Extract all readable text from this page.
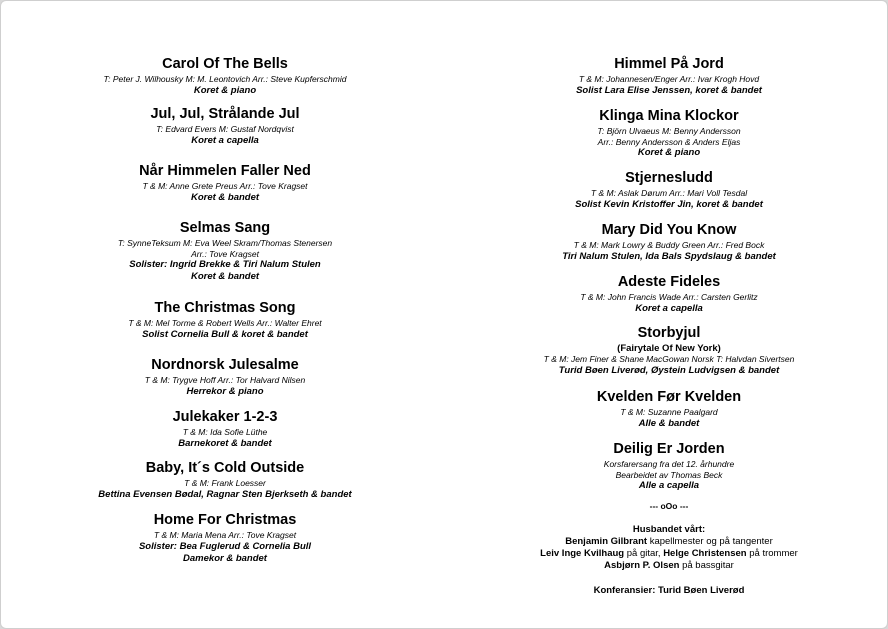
Carol Of The Bells
T: Peter J. Wilhousky M: M. Leontovich Arr.: Steve Kupferschmid
Koret & piano
Jul, Jul, Strålande Jul
T: Edvard Evers M: Gustaf Nordqvist
Koret a capella
Når Himmelen Faller Ned
T & M: Anne Grete Preus Arr.: Tove Kragset
Koret & bandet
Selmas Sang
T: SynneTeksum M: Eva Weel Skram/Thomas Stenersen
Arr.: Tove Kragset
Solister: Ingrid Brekke & Tiri Nalum Stulen
Koret & bandet
The Christmas Song
T & M: Mel Torme & Robert Wells Arr.: Walter Ehret
Solist Cornelia Bull & koret & bandet
Nordnorsk Julesalme
T & M: Trygve Hoff Arr.: Tor Halvard Nilsen
Herrekor & piano
Julekaker 1-2-3
T & M: Ida Sofie Lüthe
Barnekoret & bandet
Baby, It´s Cold Outside
T & M: Frank Loesser
Bettina Evensen Bødal, Ragnar Sten Bjerkseth & bandet
Home For Christmas
T & M: Maria Mena Arr.: Tove Kragset
Solister: Bea Fuglerud & Cornelia Bull
Damekor & bandet
Himmel På Jord
T & M: Johannesen/Enger Arr.: Ivar Krogh Hovd
Solist Lara Elise Jenssen, koret & bandet
Klinga Mina Klockor
T: Björn Ulvaeus M: Benny Andersson
Arr.: Benny Andersson & Anders Eljas
Koret & piano
Stjernesludd
T & M: Aslak Dørum Arr.: Mari Voll Tesdal
Solist Kevin Kristoffer Jin, koret & bandet
Mary Did You Know
T & M: Mark Lowry & Buddy Green Arr.: Fred Bock
Tiri Nalum Stulen, Ida Bals Spydslaug & bandet
Adeste Fideles
T & M: John Francis Wade Arr.: Carsten Gerlitz
Koret a capella
Storbyjul
(Fairytale Of New York)
T & M: Jem Finer & Shane MacGowan Norsk T: Halvdan Sivertsen
Turid Bøen Liverød, Øystein Ludvigsen & bandet
Kvelden Før Kvelden
T & M: Suzanne Paalgard
Alle & bandet
Deilig Er Jorden
Korsfarersang fra det 12. århundre
Bearbeidet av Thomas Beck
Alle a capella
--- oOo ---
Husbandet vårt:
Benjamin Gilbrant kapellmester og på tangenter
Leiv Inge Kvilhaug på gitar, Helge Christensen på trommer
Asbjørn P. Olsen på bassgitar
Konferansier: Turid Bøen Liverød
